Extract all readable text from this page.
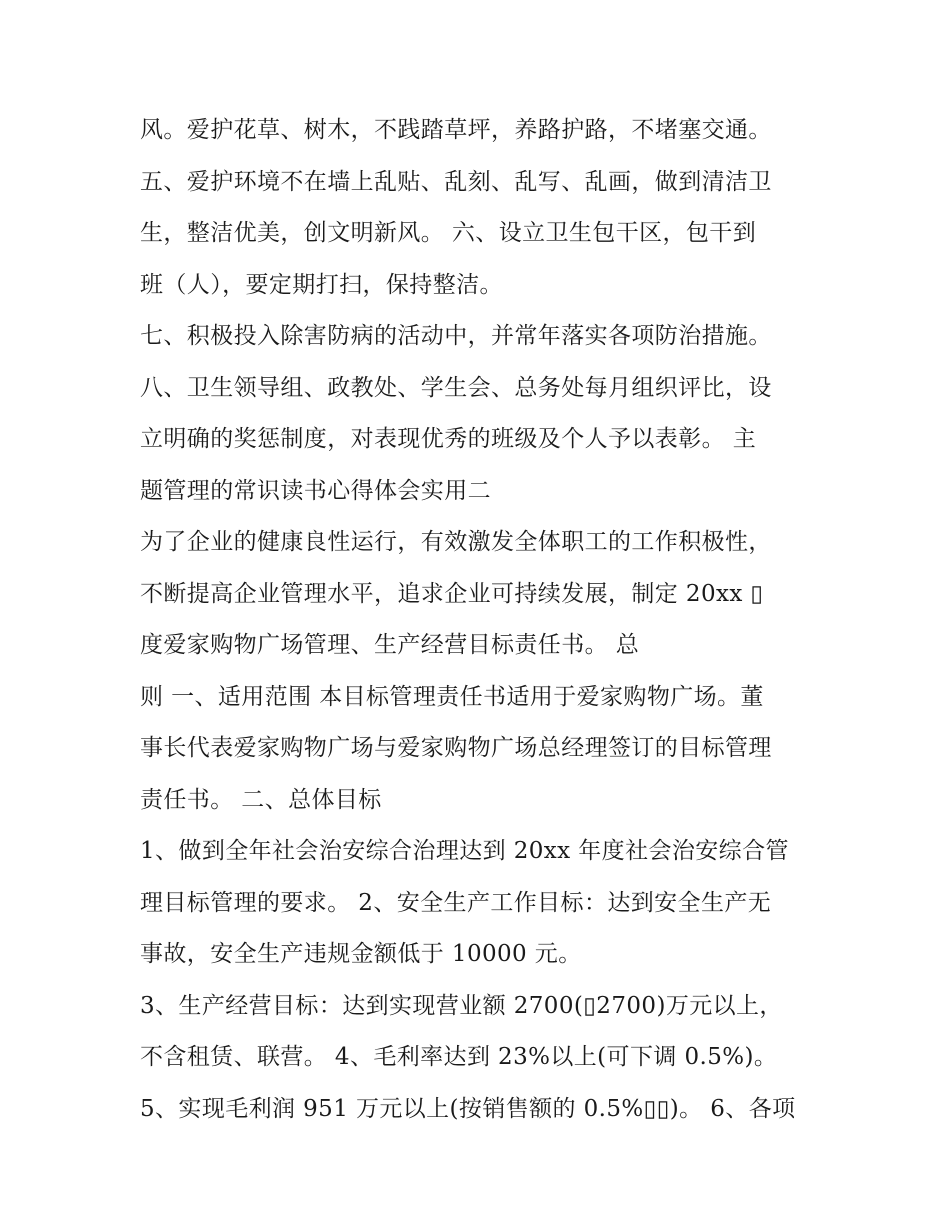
风。爱护花草、树木，不践踏草坪，养路护路，不堵塞交通。
五、爱护环境不在墙上乱贴、乱刻、乱写、乱画，做到清洁卫
生，整洁优美，创文明新风。 六、设立卫生包干区，包干到
班（人），要定期打扫，保持整洁。
七、积极投入除害防病的活动中，并常年落实各项防治措施。
八、卫生领导组、政教处、学生会、总务处每月组织评比，设
立明确的奖惩制度，对表现优秀的班级及个人予以表彰。 主
题管理的常识读书心得体会实用二
为了企业的健康良性运行，有效激发全体职工的工作积极性，
不断提高企业管理水平，追求企业可持续发展，制定 20xx ▯
度爱家购物广场管理、生产经营目标责任书。 总
则 一、适用范围 本目标管理责任书适用于爱家购物广场。董
事长代表爱家购物广场与爱家购物广场总经理签订的目标管理
责任书。 二、总体目标
1、做到全年社会治安综合治理达到 20xx 年度社会治安综合管
理目标管理的要求。 2、安全生产工作目标：达到安全生产无
事故，安全生产违规金额低于 10000 元。
3、生产经营目标：达到实现营业额 2700(▯2700)万元以上，
不含租赁、联营。 4、毛利率达到 23%以上(可下调 0.5%)。
5、实现毛利润 951 万元以上(按销售额的 0.5%▯▯)。 6、各项
